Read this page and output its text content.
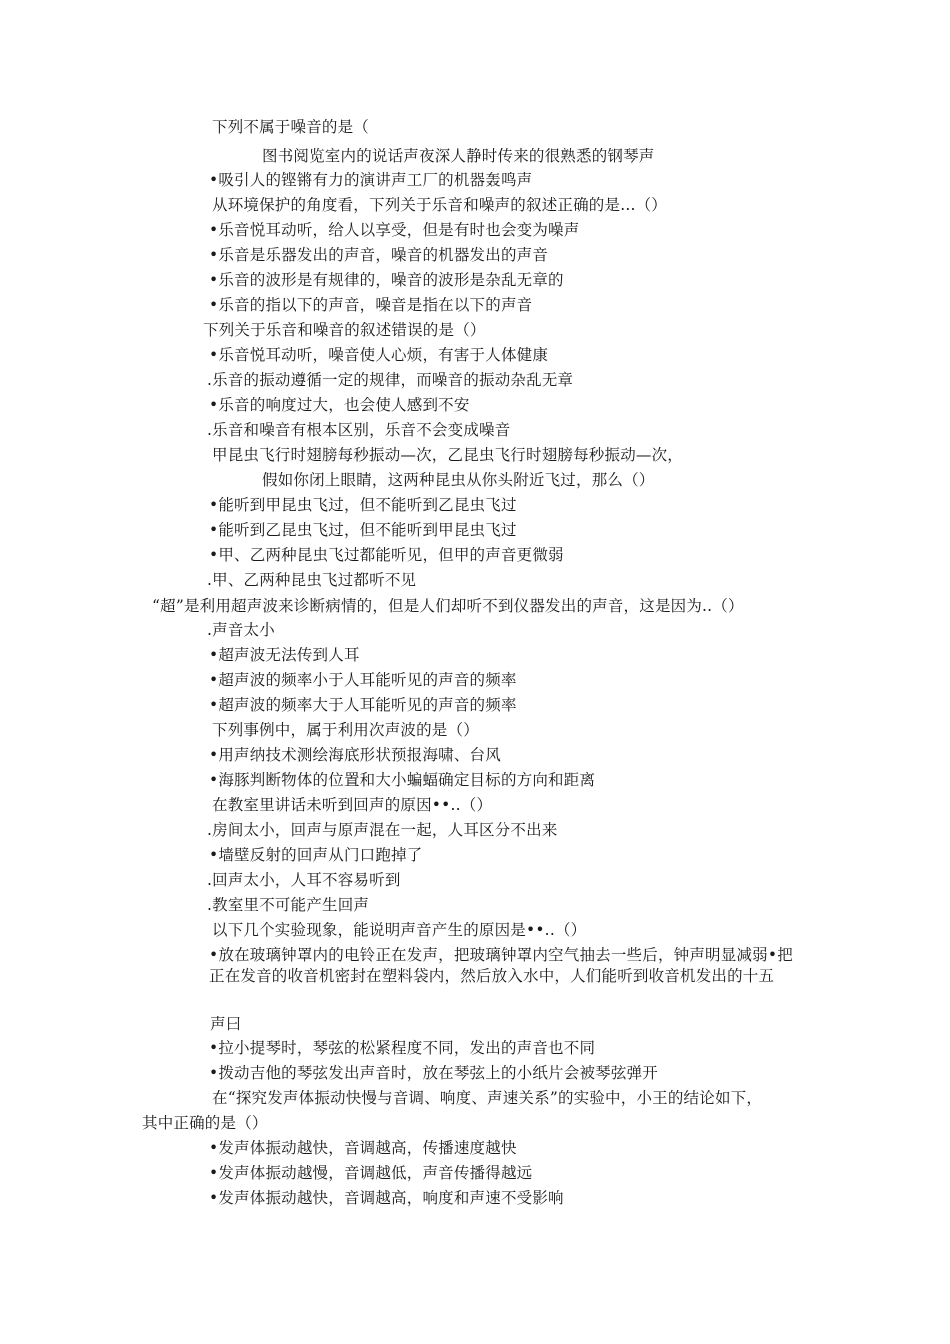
下列不属于噪音的是（
图书阅览室内的说话声夜深人静时传来的很熟悉的钢琴声
•吸引人的铿锵有力的演讲声工厂的机器轰鸣声
从环境保护的角度看，下列关于乐音和噪声的叙述正确的是...（）
•乐音悦耳动听，给人以享受，但是有时也会变为噪声
•乐音是乐器发出的声音，噪音的机器发出的声音
•乐音的波形是有规律的，噪音的波形是杂乱无章的
•乐音的指以下的声音，噪音是指在以下的声音
下列关于乐音和噪音的叙述错误的是（）
•乐音悦耳动听，噪音使人心烦，有害于人体健康
.乐音的振动遵循一定的规律，而噪音的振动杂乱无章
•乐音的响度过大，也会使人感到不安
.乐音和噪音有根本区别，乐音不会变成噪音
甲昆虫飞行时翅膀每秒振动—次，乙昆虫飞行时翅膀每秒振动—次，
假如你闭上眼睛，这两种昆虫从你头附近飞过，那么（）
•能听到甲昆虫飞过，但不能听到乙昆虫飞过
•能听到乙昆虫飞过，但不能听到甲昆虫飞过
•甲、乙两种昆虫飞过都能听见，但甲的声音更微弱
.甲、乙两种昆虫飞过都听不见
“超”是利用超声波来诊断病情的，但是人们却听不到仪器发出的声音，这是因为..（）
.声音太小
•超声波无法传到人耳
•超声波的频率小于人耳能听见的声音的频率
•超声波的频率大于人耳能听见的声音的频率
下列事例中，属于利用次声波的是（）
•用声纳技术测绘海底形状预报海啸、台风
•海豚判断物体的位置和大小蝙蝠确定目标的方向和距离
在教室里讲话未听到回声的原因••..（）
.房间太小，回声与原声混在一起，人耳区分不出来
•墙壁反射的回声从门口跑掉了
.回声太小，人耳不容易听到
.教室里不可能产生回声
以下几个实验现象，能说明声音产生的原因是••..（）
•放在玻璃钟罩内的电铃正在发声，把玻璃钟罩内空气抽去一些后，钟声明显减弱•把正在发音的收音机密封在塑料袋内，然后放入水中，人们能听到收音机发出的十五
声曰
•拉小提琴时，琴弦的松紧程度不同，发出的声音也不同
•拨动吉他的琴弦发出声音时，放在琴弦上的小纸片会被琴弦弹开
在“探究发声体振动快慢与音调、响度、声速关系”的实验中，小王的结论如下，
其中正确的是（）
•发声体振动越快，音调越高，传播速度越快
•发声体振动越慢，音调越低，声音传播得越远
•发声体振动越快，音调越高，响度和声速不受影响
